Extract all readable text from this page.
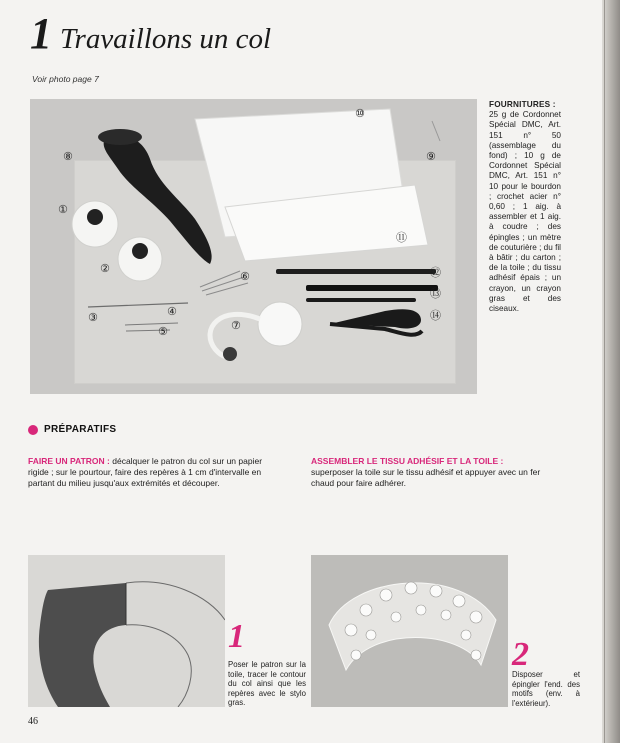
1 Travaillons un col
Voir photo page 7
①
②
③	④
⑤
⑥
⑦
⑧	⑨
⑩
⑪
⑫
⑬
⑭

FOURNITURES :

25 g de Cordonnet Spécial DMC, Art. 151 n° 50 (assemblage du fond) ; 10 g de Cordonnet Spécial DMC, Art. 151 n° 10 pour le bourdon ; crochet acier n° 0,60 ; 1 aig. à assembler et 1 aig. à coudre ; des épingles ; un mètre de couturière ; du fil à bâtir ; du carton ; de la toile ; du tissu adhésif épais ; un crayon, un crayon gras et des ciseaux.

PRÉPARATIFS
FAIRE UN PATRON : décalquer le patron du col sur un papier rigide ; sur le pourtour, faire des repères à 1 cm d'intervalle en partant du milieu jusqu'aux extrémités et découper.
ASSEMBLER LE TISSU ADHÉSIF ET LA TOILE : superposer la toile sur le tissu adhésif et appuyer avec un fer chaud pour faire adhérer.
1
Poser le patron sur la toile, tracer le contour du col ainsi que les repères avec le stylo gras.
2
Disposer et épingler l'end. des motifs (env. à l'extérieur).
46
